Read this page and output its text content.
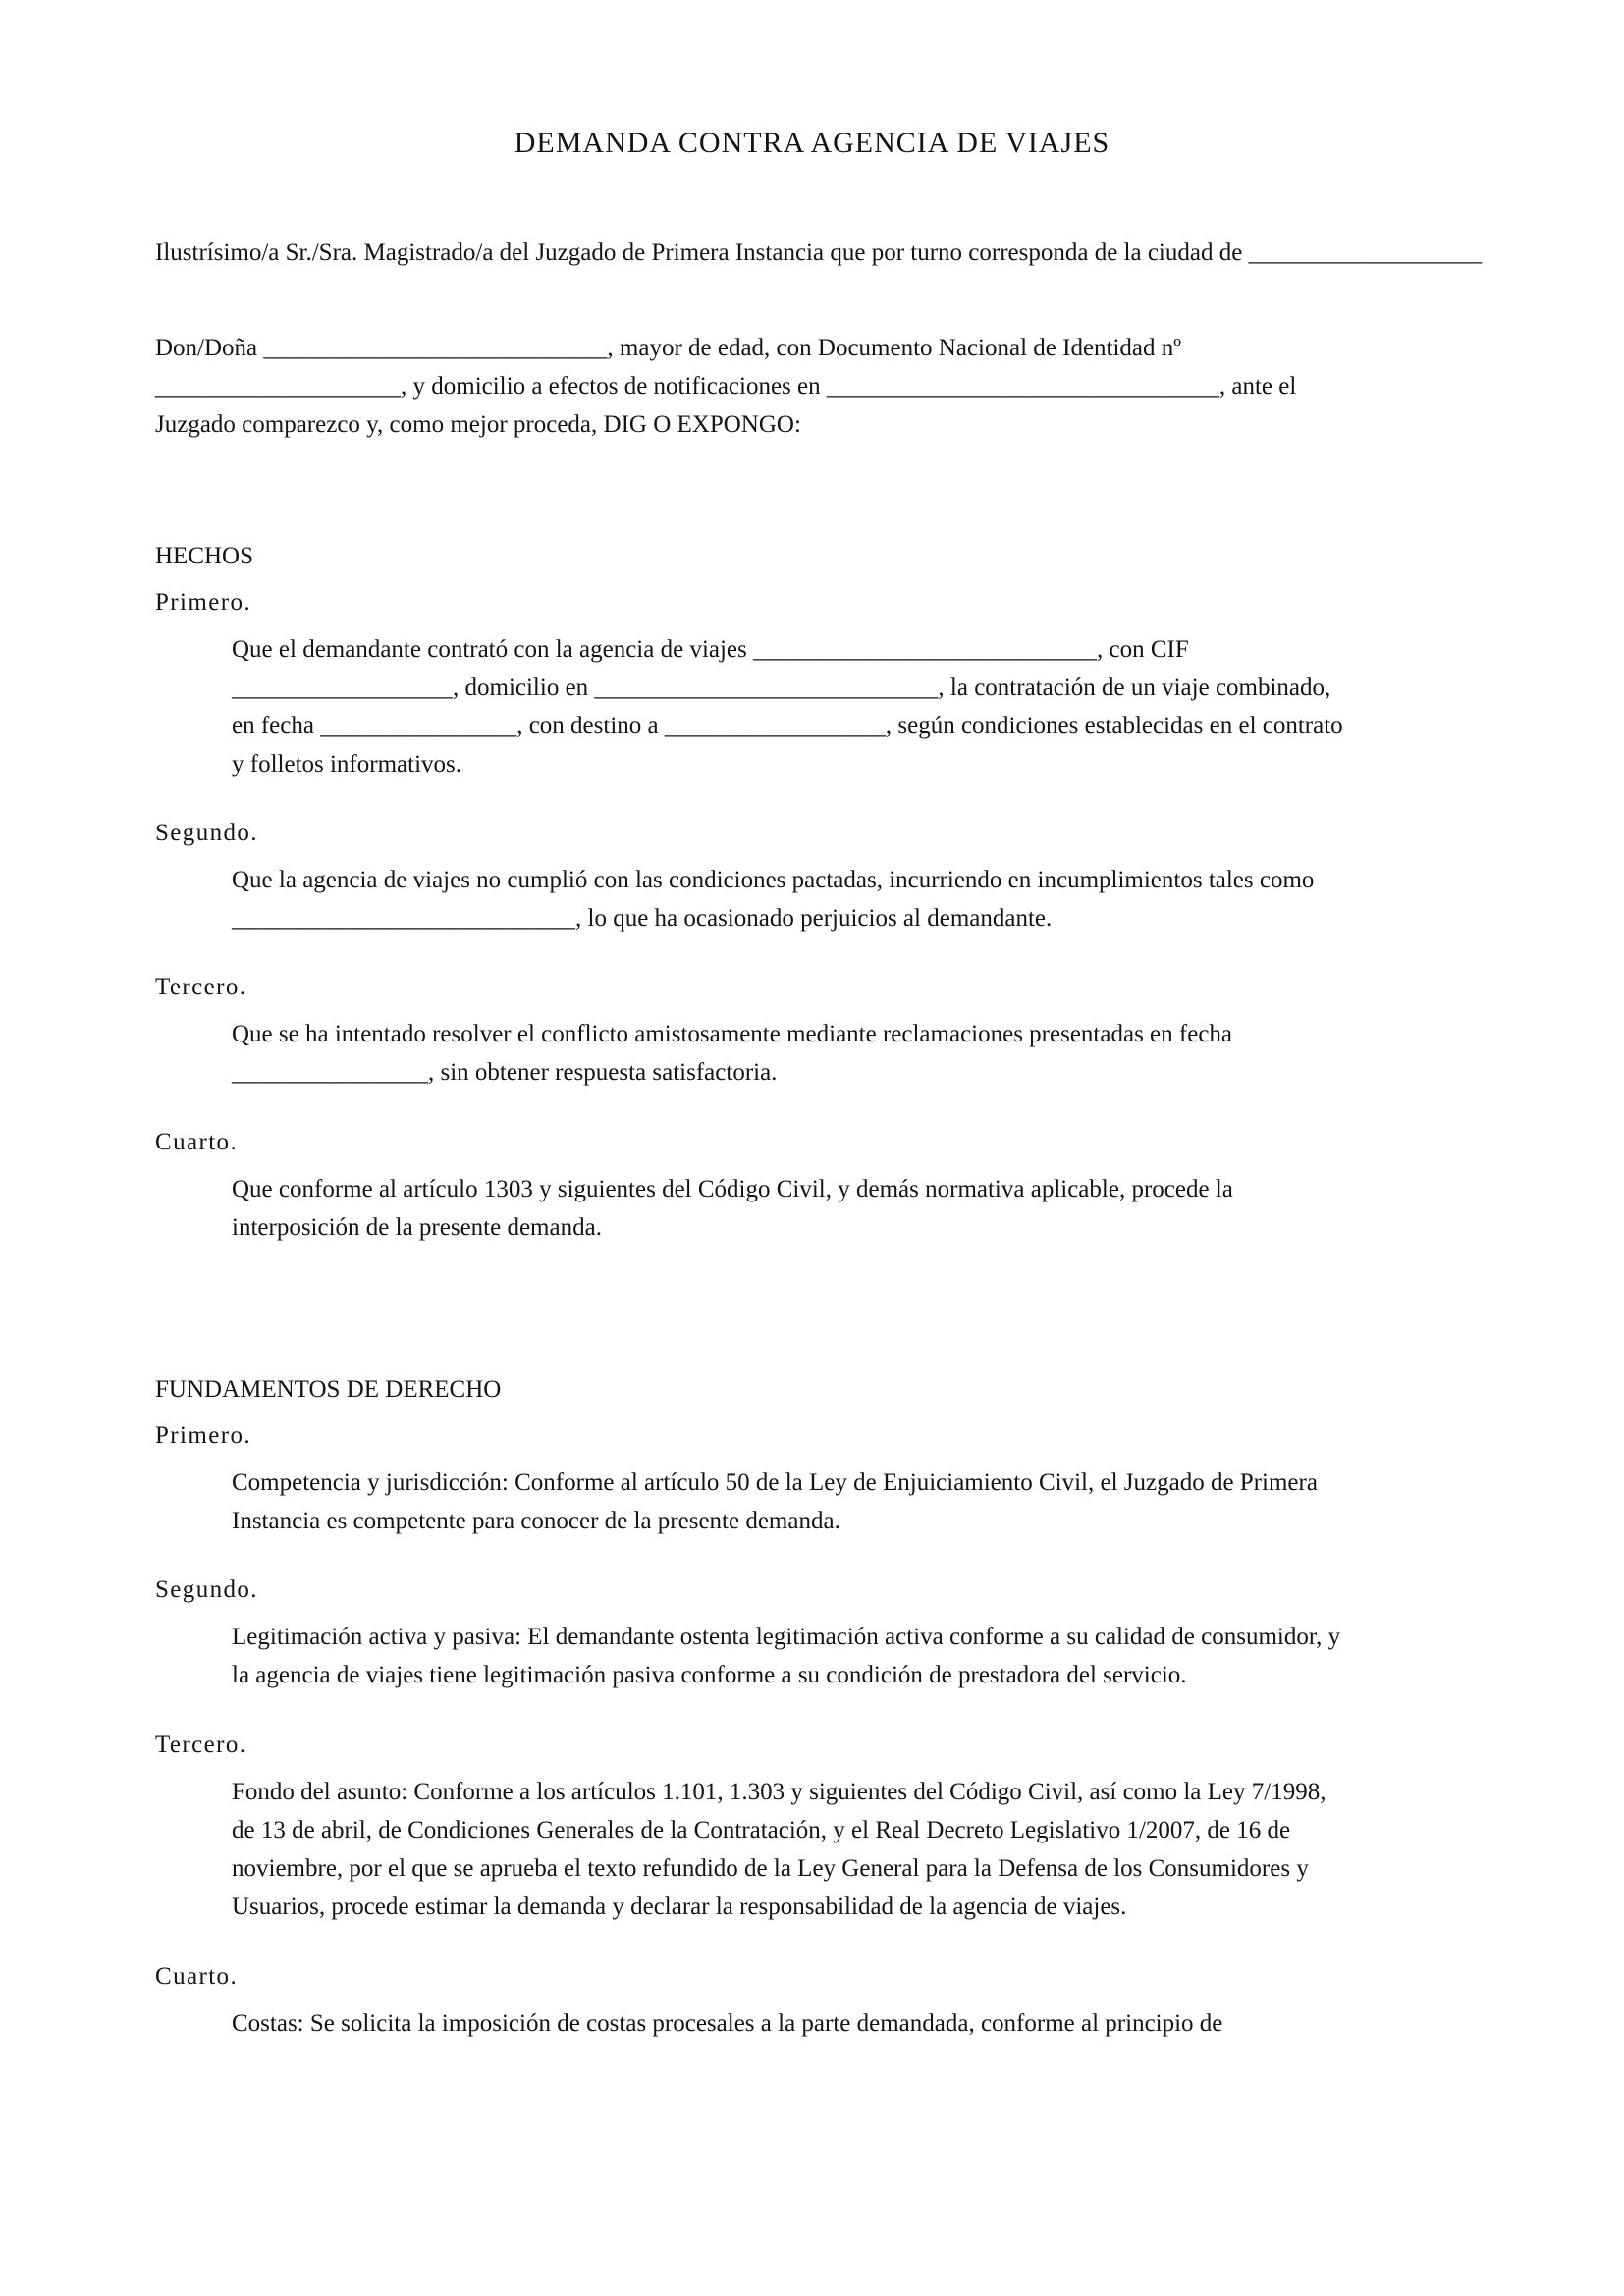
DEMANDA CONTRA AGENCIA DE VIAJES

Ilustrísimo/a Sr./Sra. Magistrado/a del Juzgado de Primera Instancia que por turno corresponda de la ciudad de ___________________

Don/Doña ____________________________, mayor de edad, con Documento Nacional de Identidad nº

____________________, y domicilio a efectos de notificaciones en ________________________________, ante el

Juzgado comparezco y, como mejor proceda, DIG O EXPONGO:

HECHOS

Primero.

Que el demandante contrató con la agencia de viajes ____________________________, con CIF

__________________, domicilio en ____________________________, la contratación de un viaje combinado,

en fecha ________________, con destino a __________________, según condiciones establecidas en el contrato

y folletos informativos.

Segundo.

Que la agencia de viajes no cumplió con las condiciones pactadas, incurriendo en incumplimientos tales como

____________________________, lo que ha ocasionado perjuicios al demandante.

Tercero.

Que se ha intentado resolver el conflicto amistosamente mediante reclamaciones presentadas en fecha

________________, sin obtener respuesta satisfactoria.

Cuarto.

Que conforme al artículo 1303 y siguientes del Código Civil, y demás normativa aplicable, procede la

interposición de la presente demanda.

FUNDAMENTOS DE DERECHO

Primero.

Competencia y jurisdicción: Conforme al artículo 50 de la Ley de Enjuiciamiento Civil, el Juzgado de Primera

Instancia es competente para conocer de la presente demanda.

Segundo.

Legitimación activa y pasiva: El demandante ostenta legitimación activa conforme a su calidad de consumidor, y

la agencia de viajes tiene legitimación pasiva conforme a su condición de prestadora del servicio.

Tercero.

Fondo del asunto: Conforme a los artículos 1.101, 1.303 y siguientes del Código Civil, así como la Ley 7/1998,

de 13 de abril, de Condiciones Generales de la Contratación, y el Real Decreto Legislativo 1/2007, de 16 de

noviembre, por el que se aprueba el texto refundido de la Ley General para la Defensa de los Consumidores y

Usuarios, procede estimar la demanda y declarar la responsabilidad de la agencia de viajes.

Cuarto.

Costas: Se solicita la imposición de costas procesales a la parte demandada, conforme al principio de
